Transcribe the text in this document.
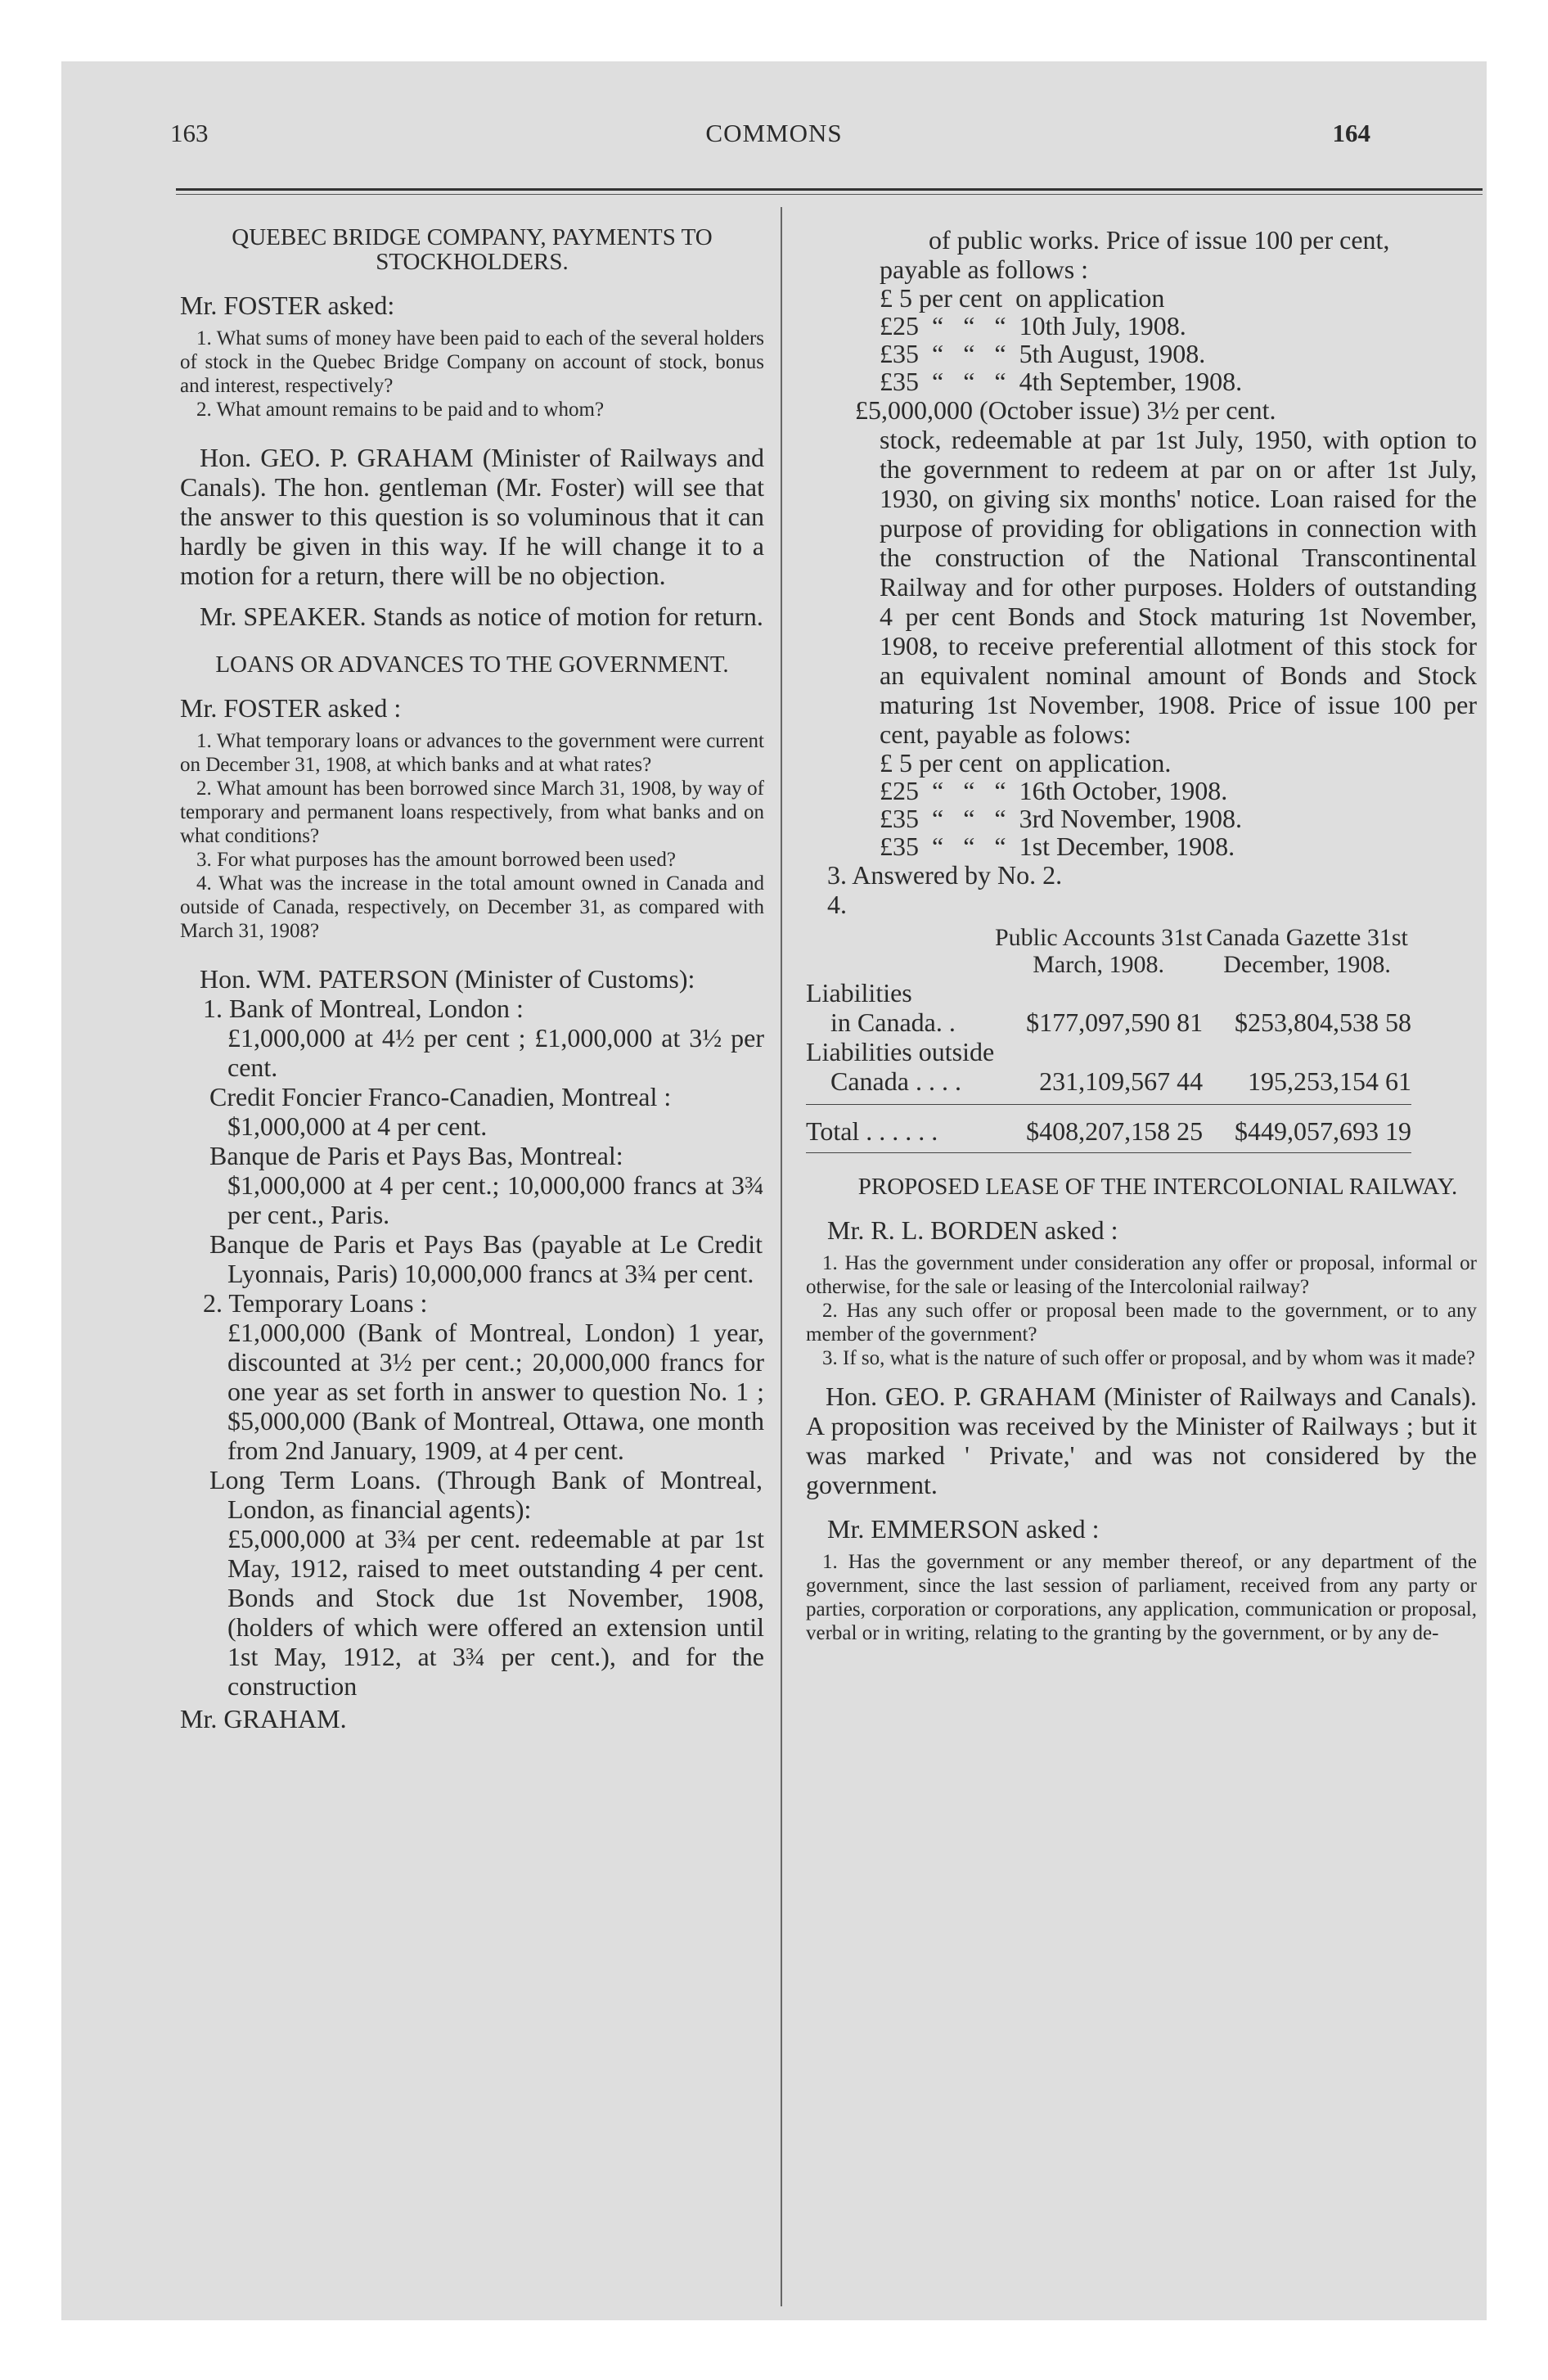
163	COMMONS	164

QUEBEC BRIDGE COMPANY, PAYMENTS TO STOCKHOLDERS.

Mr. FOSTER asked:

1. What sums of money have been paid to each of the several holders of stock in the Quebec Bridge Company on account of stock, bonus and interest, respectively?

2. What amount remains to be paid and to whom?

Hon. GEO. P. GRAHAM (Minister of Railways and Canals). The hon. gentleman (Mr. Foster) will see that the answer to this question is so voluminous that it can hardly be given in this way. If he will change it to a motion for a return, there will be no objection.

Mr. SPEAKER. Stands as notice of motion for return.

LOANS OR ADVANCES TO THE GOVERNMENT.

Mr. FOSTER asked :

1. What temporary loans or advances to the government were current on December 31, 1908, at which banks and at what rates?

2. What amount has been borrowed since March 31, 1908, by way of temporary and permanent loans respectively, from what banks and on what conditions?

3. For what purposes has the amount borrowed been used?

4. What was the increase in the total amount owned in Canada and outside of Canada, respectively, on December 31, as compared with March 31, 1908?

Hon. WM. PATERSON (Minister of Customs):

1. Bank of Montreal, London :

£1,000,000 at 4½ per cent ; £1,000,000 at 3½ per cent.

Credit Foncier Franco-Canadien, Montreal :

$1,000,000 at 4 per cent.

Banque de Paris et Pays Bas, Montreal:

$1,000,000 at 4 per cent.; 10,000,000 francs at 3¾ per cent., Paris.

Banque de Paris et Pays Bas (payable at Le Credit Lyonnais, Paris) 10,000,000 francs at 3¾ per cent.

2. Temporary Loans :

£1,000,000 (Bank of Montreal, London) 1 year, discounted at 3½ per cent.; 20,000,000 francs for one year as set forth in answer to question No. 1 ; $5,000,000 (Bank of Montreal, Ottawa, one month from 2nd January, 1909, at 4 per cent.

Long Term Loans. (Through Bank of Montreal, London, as financial agents):

£5,000,000 at 3¾ per cent. redeemable at par 1st May, 1912, raised to meet outstanding 4 per cent. Bonds and Stock due 1st November, 1908, (holders of which were offered an extension until 1st May, 1912, at 3¾ per cent.), and for the construction

Mr. GRAHAM.

of public works. Price of issue 100 per cent, payable as follows :

£ 5 per cent  on application

£25  “   “   “  10th July, 1908.

£35  “   “   “  5th August, 1908.

£35  “   “   “  4th September, 1908.

£5,000,000 (October issue) 3½ per cent.

stock, redeemable at par 1st July, 1950, with option to the government to redeem at par on or after 1st July, 1930, on giving six months' notice. Loan raised for the purpose of providing for obligations in connection with the construction of the National Transcontinental Railway and for other purposes. Holders of outstanding 4 per cent Bonds and Stock maturing 1st November, 1908, to receive preferential allotment of this stock for an equivalent nominal amount of Bonds and Stock maturing 1st November, 1908. Price of issue 100 per cent, payable as folows:

£ 5 per cent  on application.

£25  “   “   “  16th October, 1908.

£35  “   “   “  3rd November, 1908.

£35  “   “   “  1st December, 1908.

3. Answered by No. 2.

4.

	Public Accounts 31st March, 1908.	Canada Gazette 31st December, 1908.
Liabilities		
in Canada. .	$177,097,590 81	$253,804,538 58
Liabilities outside		
Canada . . . .	231,109,567 44	195,253,154 61

Total . . . . . .	$408,207,158 25	$449,057,693 19

PROPOSED LEASE OF THE INTERCOLONIAL RAILWAY.

Mr. R. L. BORDEN asked :

1. Has the government under consideration any offer or proposal, informal or otherwise, for the sale or leasing of the Intercolonial railway?

2. Has any such offer or proposal been made to the government, or to any member of the government?

3. If so, what is the nature of such offer or proposal, and by whom was it made?

Hon. GEO. P. GRAHAM (Minister of Railways and Canals). A proposition was received by the Minister of Railways ; but it was marked ' Private,' and was not considered by the government.

Mr. EMMERSON asked :

1. Has the government or any member thereof, or any department of the government, since the last session of parliament, received from any party or parties, corporation or corporations, any application, communication or proposal, verbal or in writing, relating to the granting by the government, or by any de-
